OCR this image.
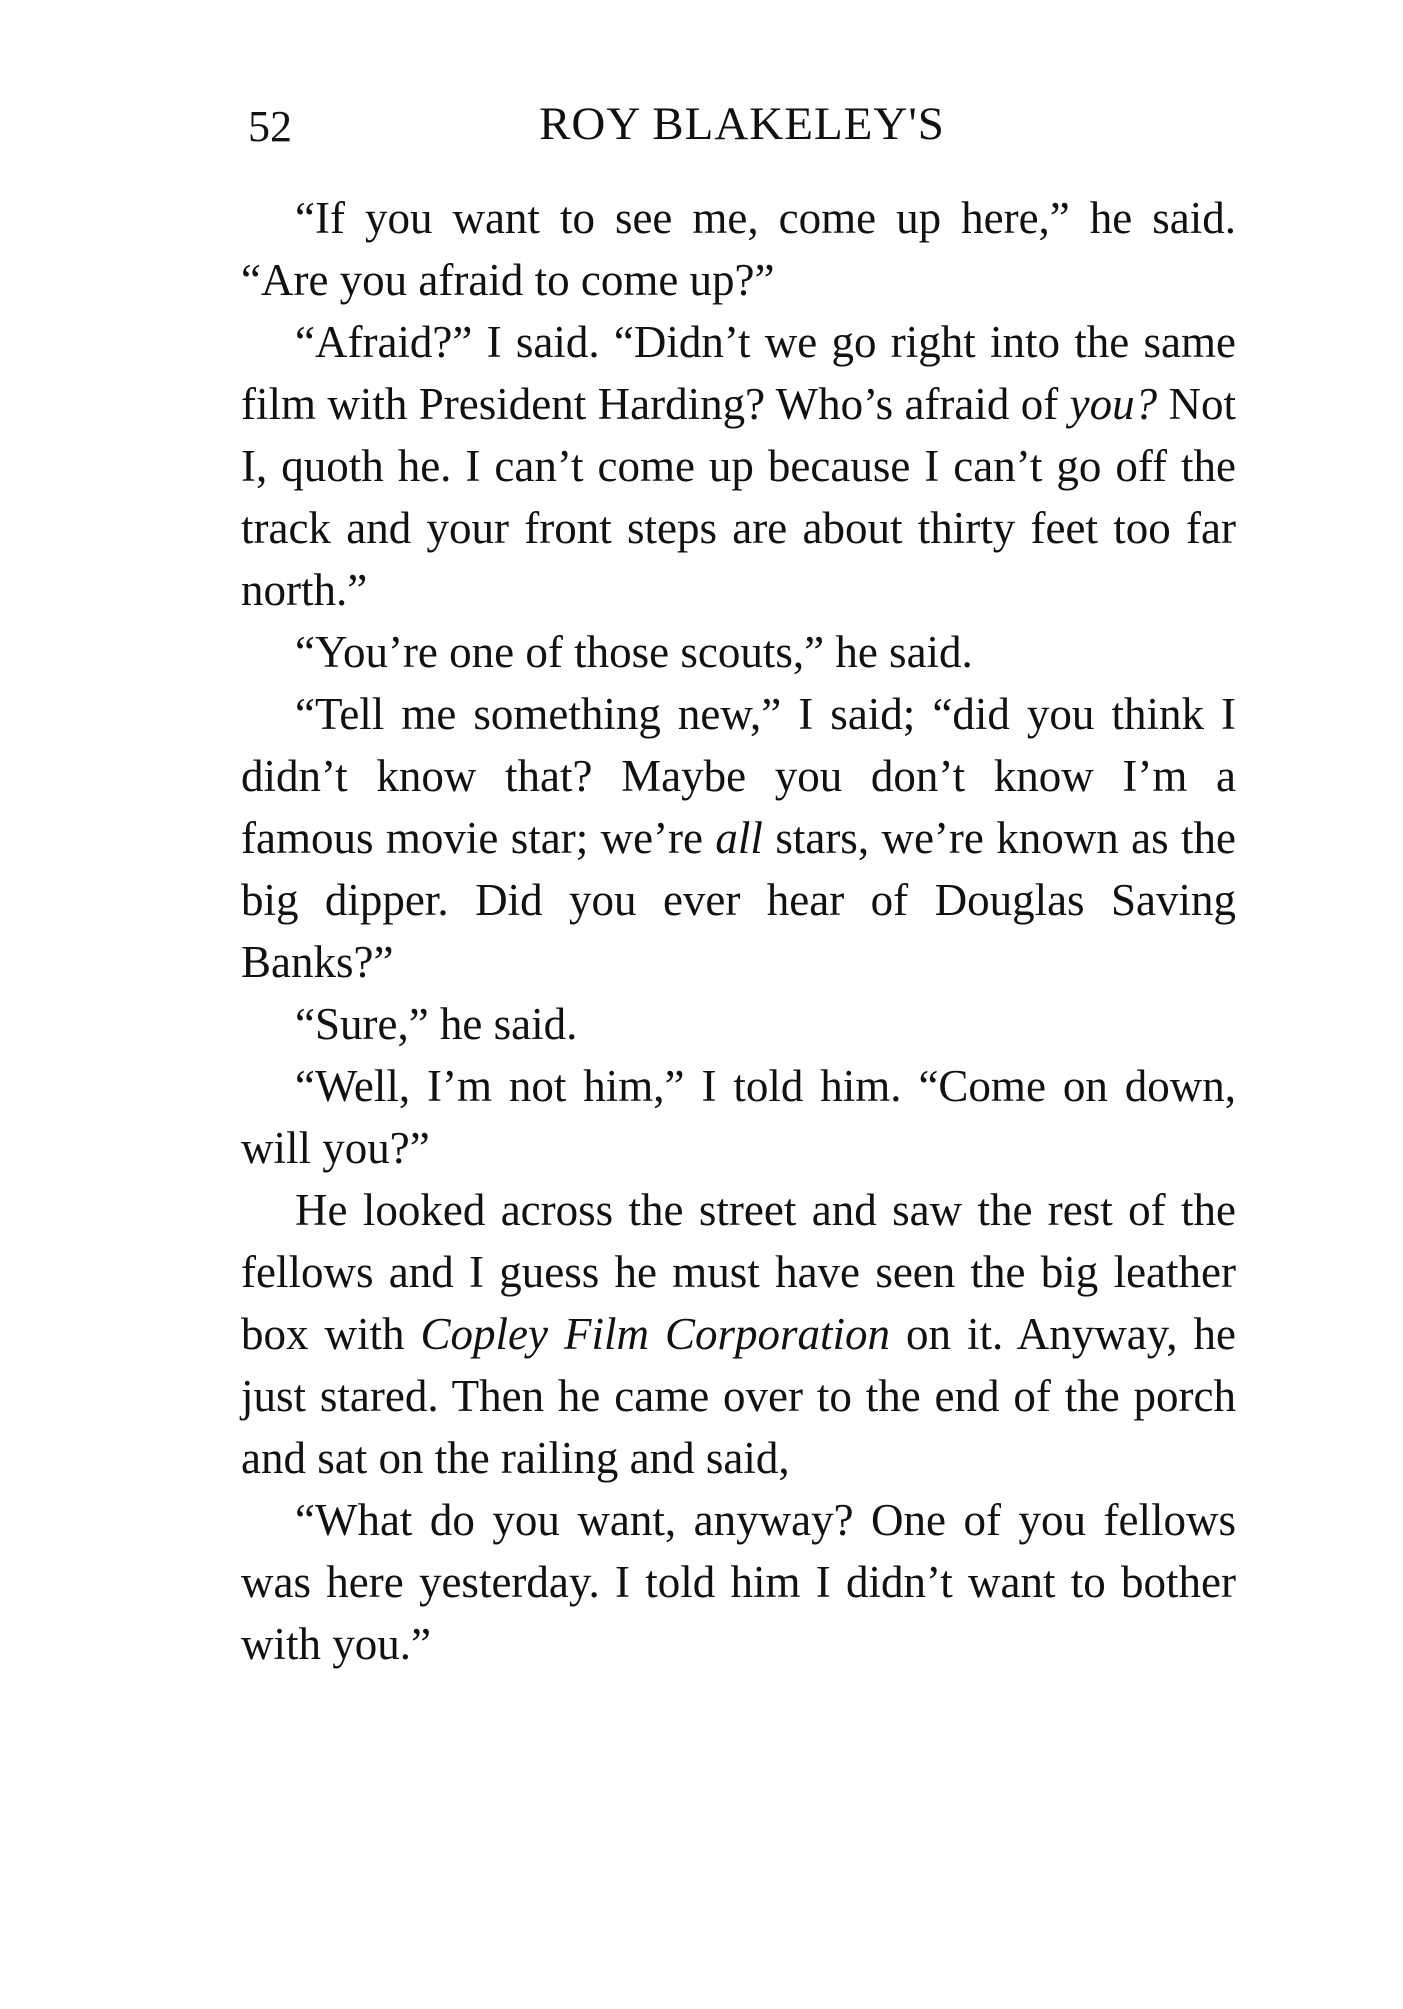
52	ROY BLAKELEY'S

“If you want to see me, come up here,” he said. “Are you afraid to come up?”

“Afraid?” I said. “Didn’t we go right into the same film with President Harding? Who’s afraid of you? Not I, quoth he. I can’t come up because I can’t go off the track and your front steps are about thirty feet too far north.”

“You’re one of those scouts,” he said.

“Tell me something new,” I said; “did you think I didn’t know that? Maybe you don’t know I’m a famous movie star; we’re all stars, we’re known as the big dipper. Did you ever hear of Douglas Saving Banks?”

“Sure,” he said.

“Well, I’m not him,” I told him. “Come on down, will you?”

He looked across the street and saw the rest of the fellows and I guess he must have seen the big leather box with Copley Film Corporation on it. Anyway, he just stared. Then he came over to the end of the porch and sat on the railing and said,

“What do you want, anyway? One of you fellows was here yesterday. I told him I didn’t want to bother with you.”
